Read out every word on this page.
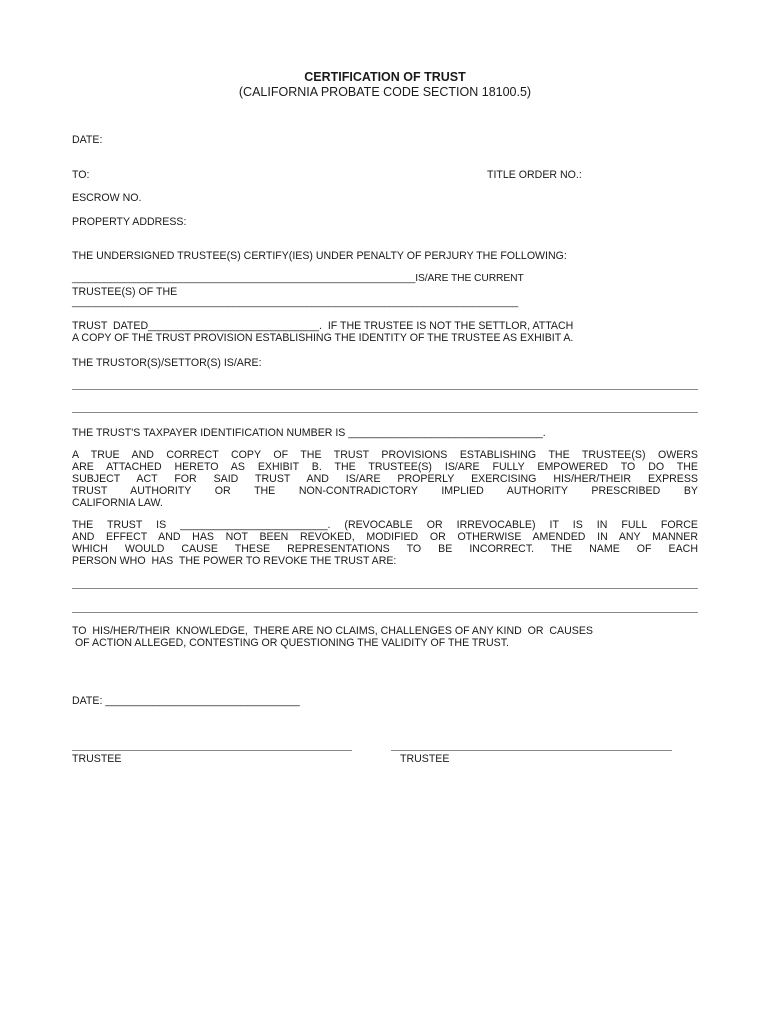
CERTIFICATION OF TRUST
(CALIFORNIA PROBATE CODE SECTION 18100.5)
DATE:
TO:	TITLE ORDER NO.:
ESCROW NO.
PROPERTY ADDRESS:
THE UNDERSIGNED TRUSTEE(S) CERTIFY(IES) UNDER PENALTY OF PERJURY THE FOLLOWING:
_____________________________________________________________IS/ARE THE CURRENT
TRUSTEE(S) OF THE
________________________________________________________________________________
TRUST  DATED_____________________________.  IF THE TRUSTEE IS NOT THE SETTLOR, ATTACH
A COPY OF THE TRUST PROVISION ESTABLISHING THE IDENTITY OF THE TRUSTEE AS EXHIBIT A.
THE TRUSTOR(S)/SETTOR(S) IS/ARE:
THE TRUST'S TAXPAYER IDENTIFICATION NUMBER IS _________________________________.
A TRUE AND CORRECT COPY OF THE TRUST PROVISIONS ESTABLISHING THE TRUSTEE(S) OWERS
ARE ATTACHED HERETO AS EXHIBIT B. THE TRUSTEE(S) IS/ARE FULLY EMPOWERED TO DO THE
SUBJECT ACT FOR SAID TRUST AND IS/ARE PROPERLY EXERCISING HIS/HER/THEIR EXPRESS
TRUST AUTHORITY OR THE NON-CONTRADICTORY IMPLIED AUTHORITY PRESCRIBED BY
CALIFORNIA LAW.
THE TRUST IS _________________________. (REVOCABLE OR IRREVOCABLE) IT IS IN FULL FORCE
AND EFFECT AND HAS NOT BEEN REVOKED, MODIFIED OR OTHERWISE AMENDED IN ANY MANNER
WHICH WOULD CAUSE THESE REPRESENTATIONS TO BE INCORRECT. THE NAME OF EACH
PERSON WHO  HAS  THE POWER TO REVOKE THE TRUST ARE:
TO  HIS/HER/THEIR  KNOWLEDGE,  THERE ARE NO CLAIMS, CHALLENGES OF ANY KIND  OR  CAUSES
OF ACTION ALLEGED, CONTESTING OR QUESTIONING THE VALIDITY OF THE TRUST.
DATE: _________________________________
TRUSTEE	TRUSTEE
